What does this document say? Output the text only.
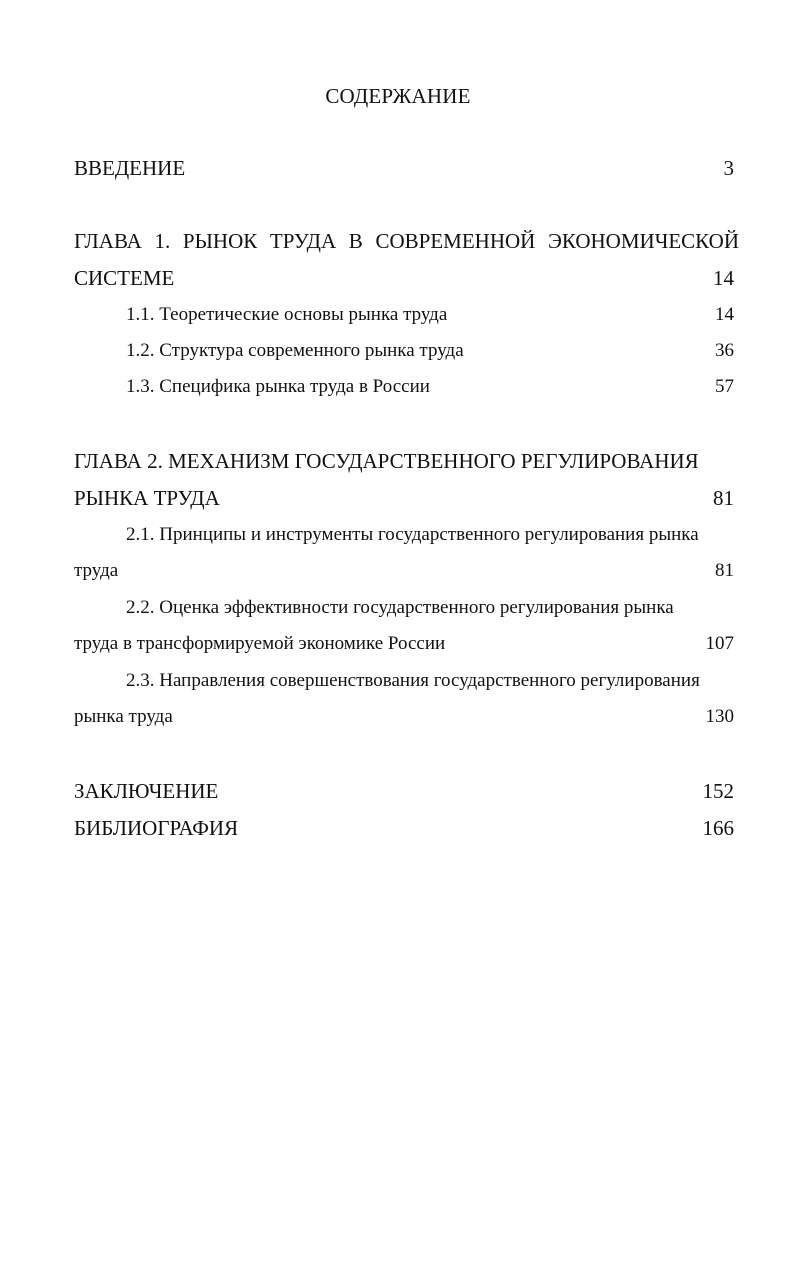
СОДЕРЖАНИЕ
ВВЕДЕНИЕ	3
ГЛАВА 1. РЫНОК ТРУДА В СОВРЕМЕННОЙ ЭКОНОМИЧЕСКОЙ
СИСТЕМЕ	14
1.1. Теоретические основы рынка труда	14
1.2. Структура современного рынка труда	36
1.3. Специфика рынка труда в России	57
ГЛАВА 2. МЕХАНИЗМ ГОСУДАРСТВЕННОГО РЕГУЛИРОВАНИЯ
РЫНКА ТРУДА	81
2.1. Принципы и инструменты государственного регулирования рынка
труда	81
2.2. Оценка эффективности государственного регулирования рынка
труда в трансформируемой экономике России	107
2.3. Направления совершенствования государственного регулирования
рынка труда	130
ЗАКЛЮЧЕНИЕ	152
БИБЛИОГРАФИЯ	166
